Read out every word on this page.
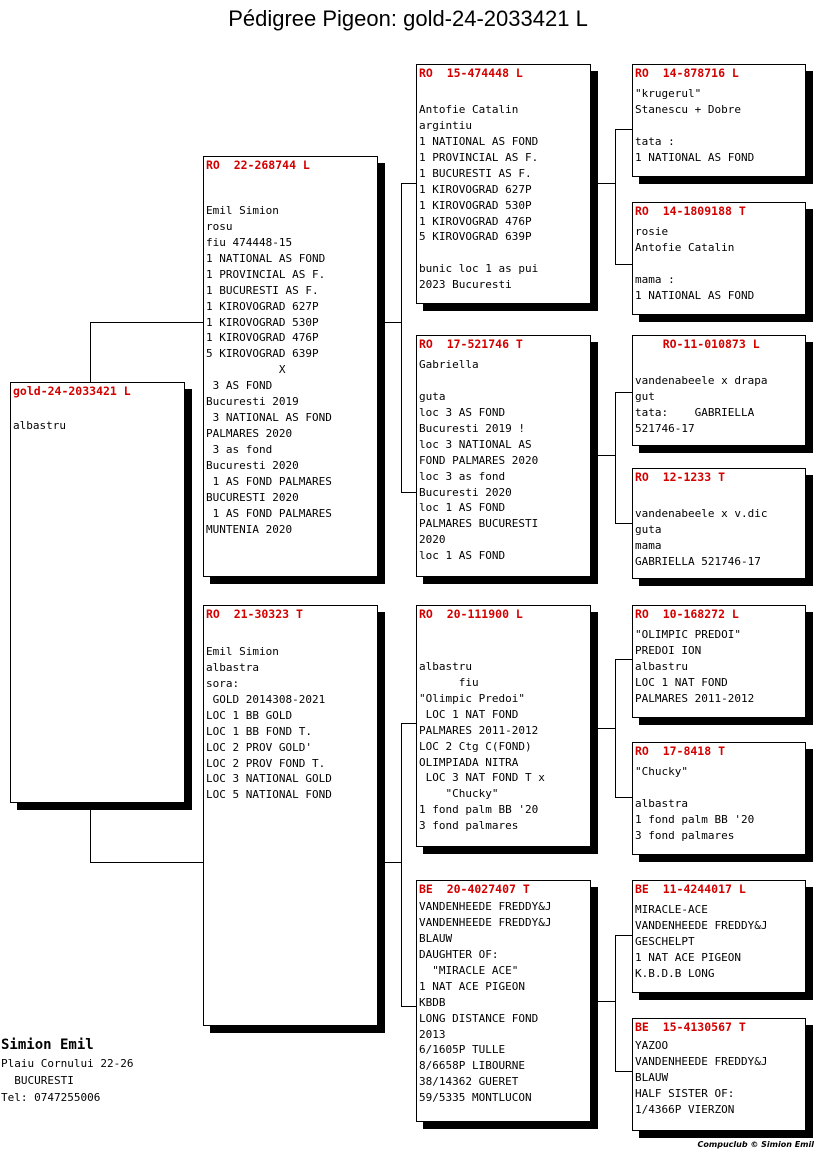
Pédigree Pigeon: gold-24-2033421 L
gold-24-2033421 L
albastru
RO  22-268744 L
Emil Simion
rosu
fiu 474448-15
1 NATIONAL AS FOND
1 PROVINCIAL AS F.
1 BUCURESTI AS F.
1 KIROVOGRAD 627P
1 KIROVOGRAD 530P
1 KIROVOGRAD 476P
5 KIROVOGRAD 639P
X
3 AS FOND
Bucuresti 2019
3 NATIONAL AS FOND
PALMARES 2020
3 as fond
Bucuresti 2020
1 AS FOND PALMARES
BUCURESTI 2020
1 AS FOND PALMARES
MUNTENIA 2020
RO  21-30323 T
Emil Simion
albastra
sora:
GOLD 2014308-2021
LOC 1 BB GOLD
LOC 1 BB FOND T.
LOC 2 PROV GOLD'
LOC 2 PROV FOND T.
LOC 3 NATIONAL GOLD
LOC 5 NATIONAL FOND
RO  15-474448 L
Antofie Catalin
argintiu
1 NATIONAL AS FOND
1 PROVINCIAL AS F.
1 BUCURESTI AS F.
1 KIROVOGRAD 627P
1 KIROVOGRAD 530P
1 KIROVOGRAD 476P
5 KIROVOGRAD 639P
bunic loc 1 as pui
2023 Bucuresti
RO  17-521746 T
Gabriella
guta
loc 3 AS FOND
Bucuresti 2019 !
loc 3 NATIONAL AS
FOND PALMARES 2020
loc 3 as fond
Bucuresti 2020
loc 1 AS FOND
PALMARES BUCURESTI
2020
loc 1 AS FOND
RO  20-111900 L
albastru
fiu
"Olimpic Predoi"
LOC 1 NAT FOND
PALMARES 2011-2012
LOC 2 Ctg C(FOND)
OLIMPIADA NITRA
LOC 3 NAT FOND T x
"Chucky"
1 fond palm BB '20
3 fond palmares
BE  20-4027407 T
VANDENHEEDE FREDDY&J
VANDENHEEDE FREDDY&J
BLAUW
DAUGHTER OF:
"MIRACLE ACE"
1 NAT ACE PIGEON
KBDB
LONG DISTANCE FOND
2013
6/1605P TULLE
8/6658P LIBOURNE
38/14362 GUERET
59/5335 MONTLUCON
RO  14-878716 L
"krugerul"
Stanescu + Dobre
tata :
1 NATIONAL AS FOND
RO  14-1809188 T
rosie
Antofie Catalin
mama :
1 NATIONAL AS FOND
RO-11-010873 L
vandenabeele x drapa
gut
tata:    GABRIELLA
521746-17
RO  12-1233 T
vandenabeele x v.dic
guta
mama
GABRIELLA 521746-17
RO  10-168272 L
"OLIMPIC PREDOI"
PREDOI ION
albastru
LOC 1 NAT FOND
PALMARES 2011-2012
RO  17-8418 T
"Chucky"
albastra
1 fond palm BB '20
3 fond palmares
BE  11-4244017 L
MIRACLE-ACE
VANDENHEEDE FREDDY&J
GESCHELPT
1 NAT ACE PIGEON
K.B.D.B LONG
BE  15-4130567 T
YAZOO
VANDENHEEDE FREDDY&J
BLAUW
HALF SISTER OF:
1/4366P VIERZON
Simion Emil
Plaiu Cornului 22-26
BUCURESTI
Tel: 0747255006
Compuclub © Simion Emil
